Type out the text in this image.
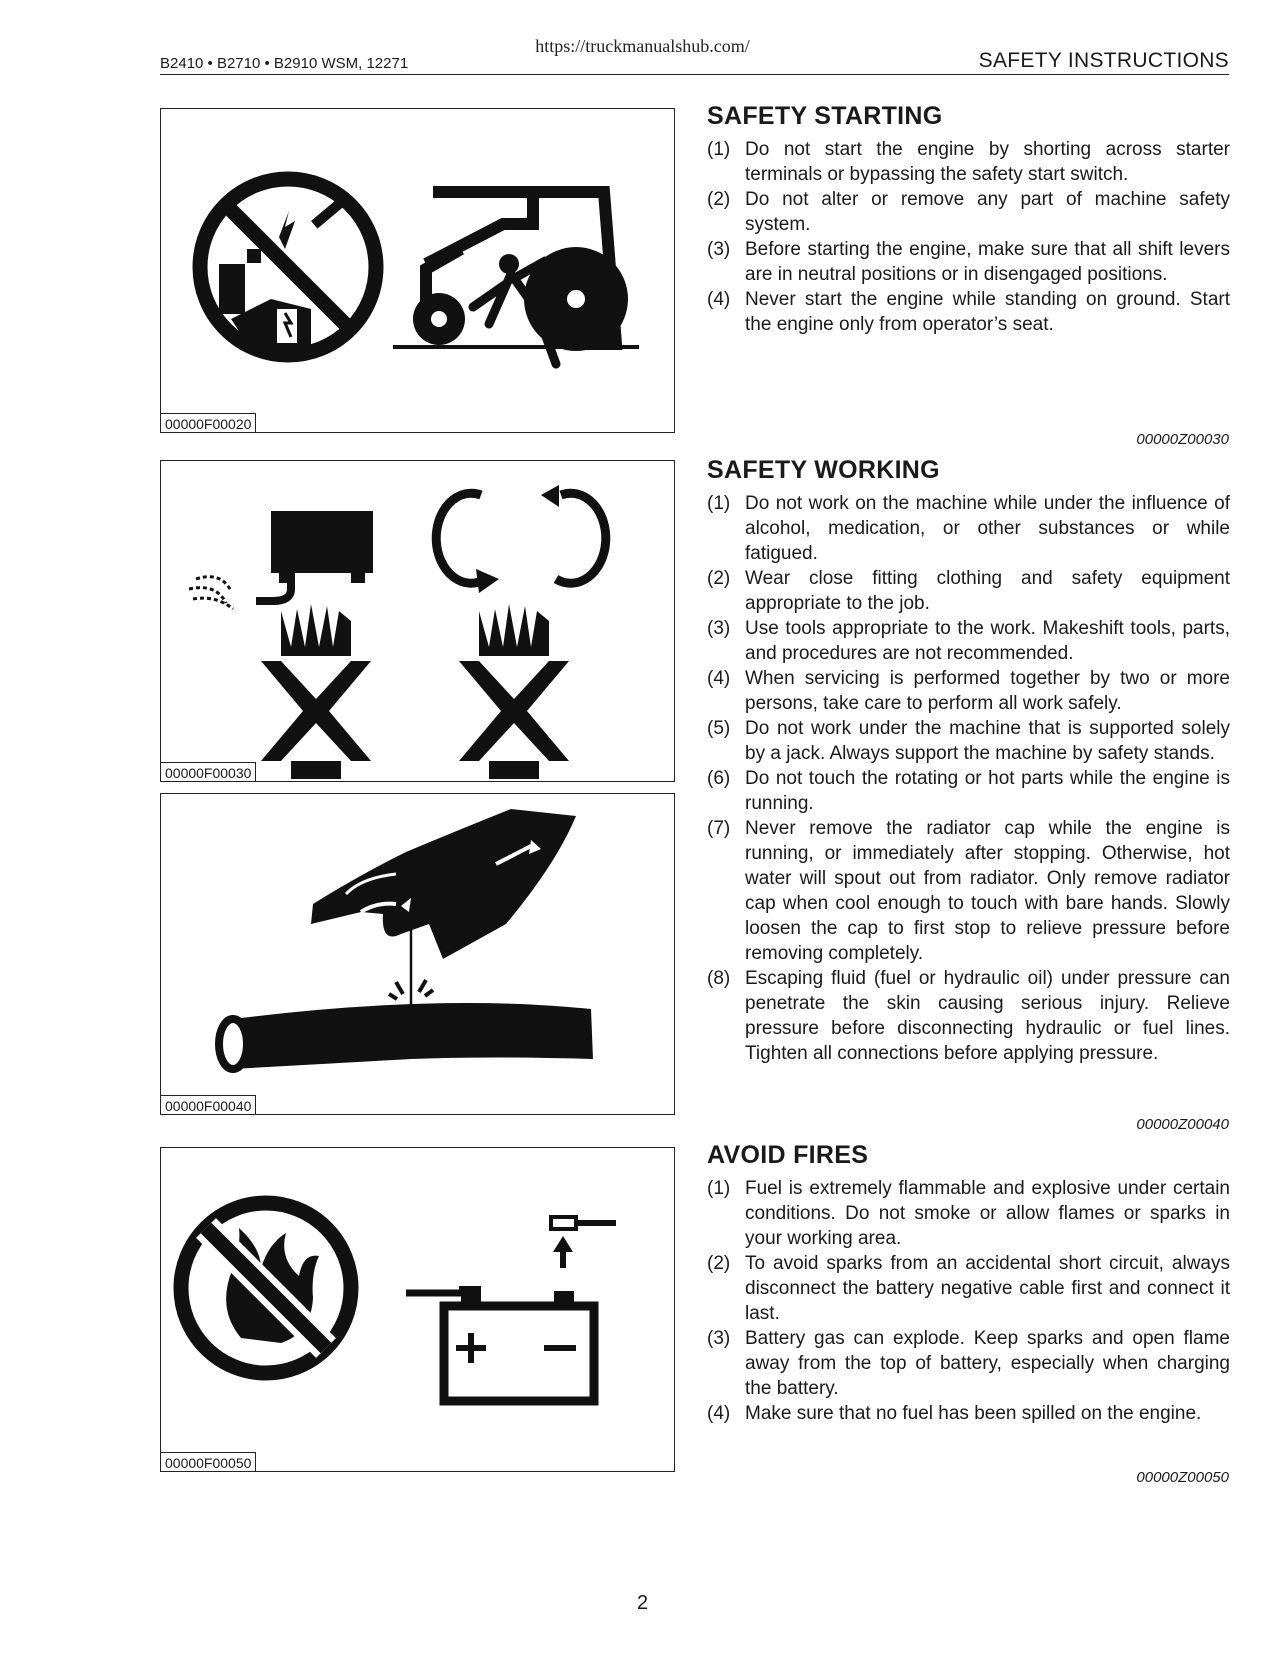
https://truckmanualshub.com/
B2410 • B2710 • B2910 WSM, 12271	SAFETY INSTRUCTIONS
00000F00020
00000F00030
00000F00040
00000F00050
SAFETY STARTING
(1) Do not start the engine by shorting across starter terminals or bypassing the safety start switch.
(2) Do not alter or remove any part of machine safety system.
(3) Before starting the engine, make sure that all shift levers are in neutral positions or in disengaged positions.
(4) Never start the engine while standing on ground. Start the engine only from operator’s seat.
00000Z00030
SAFETY WORKING
(1) Do not work on the machine while under the influence of alcohol, medication, or other substances or while fatigued.
(2) Wear close fitting clothing and safety equipment appropriate to the job.
(3) Use tools appropriate to the work. Makeshift tools, parts, and procedures are not recommended.
(4) When servicing is performed together by two or more persons, take care to perform all work safely.
(5) Do not work under the machine that is supported solely by a jack. Always support the machine by safety stands.
(6) Do not touch the rotating or hot parts while the engine is running.
(7) Never remove the radiator cap while the engine is running, or immediately after stopping. Otherwise, hot water will spout out from radiator. Only remove radiator cap when cool enough to touch with bare hands. Slowly loosen the cap to first stop to relieve pressure before removing completely.
(8) Escaping fluid (fuel or hydraulic oil) under pressure can penetrate the skin causing serious injury. Relieve pressure before disconnecting hydraulic or fuel lines. Tighten all connections before applying pressure.
00000Z00040
AVOID FIRES
(1) Fuel is extremely flammable and explosive under certain conditions. Do not smoke or allow flames or sparks in your working area.
(2) To avoid sparks from an accidental short circuit, always disconnect the battery negative cable first and connect it last.
(3) Battery gas can explode. Keep sparks and open flame away from the top of battery, especially when charging the battery.
(4) Make sure that no fuel has been spilled on the engine.
00000Z00050
2
